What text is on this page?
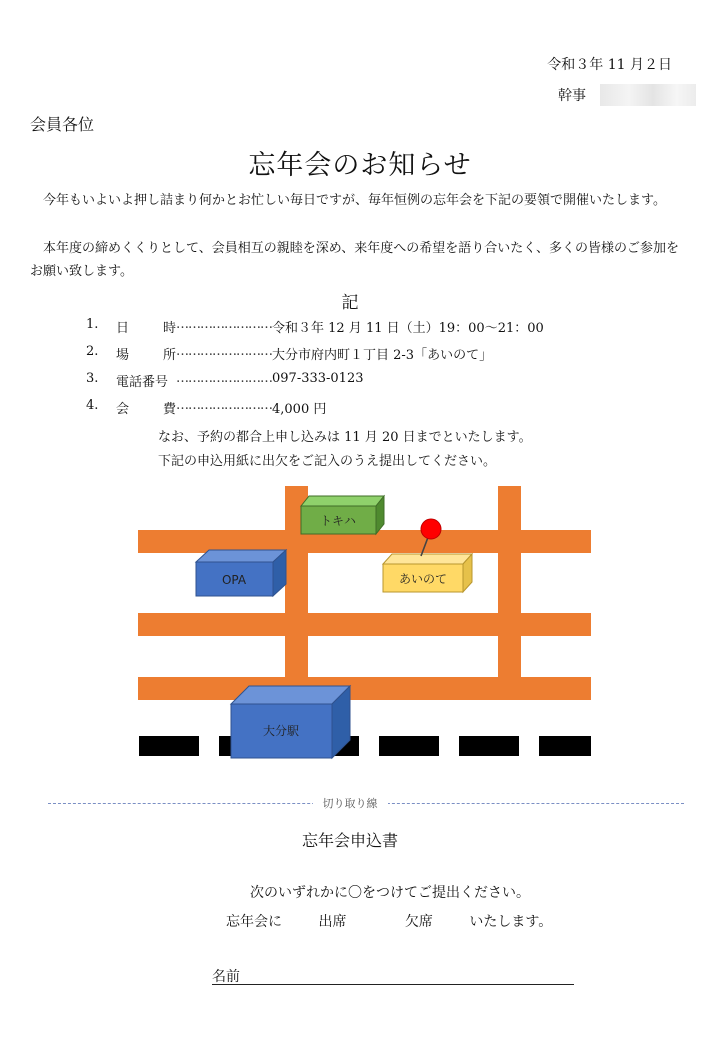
令和３年 11 月２日
幹事
会員各位
忘年会のお知らせ
今年もいよいよ押し詰まり何かとお忙しい毎日ですが、毎年恒例の忘年会を下記の要領で開催いたします。
本年度の締めくくりとして、会員相互の親睦を深め、来年度への希望を語り合いたく、多くの皆様のご参加をお願い致します。
記
1.	日	時 …………………… 令和３年 12 月 11 日（土）19：00〜21：00
2.	場	所 …………………… 大分市府内町１丁目 2-3「あいのて」
3.	電話番号 …………………… 097-333-0123
4.	会	費 …………………… 4,000 円
なお、予約の都合上申し込みは 11 月 20 日までといたします。
下記の申込用紙に出欠をご記入のうえ提出してください。
トキハ
OPA	あいのて
大分駅
切り取り線
忘年会申込書
次のいずれかに〇をつけてご提出ください。
忘年会に	出席	欠席	いたします。
名前
